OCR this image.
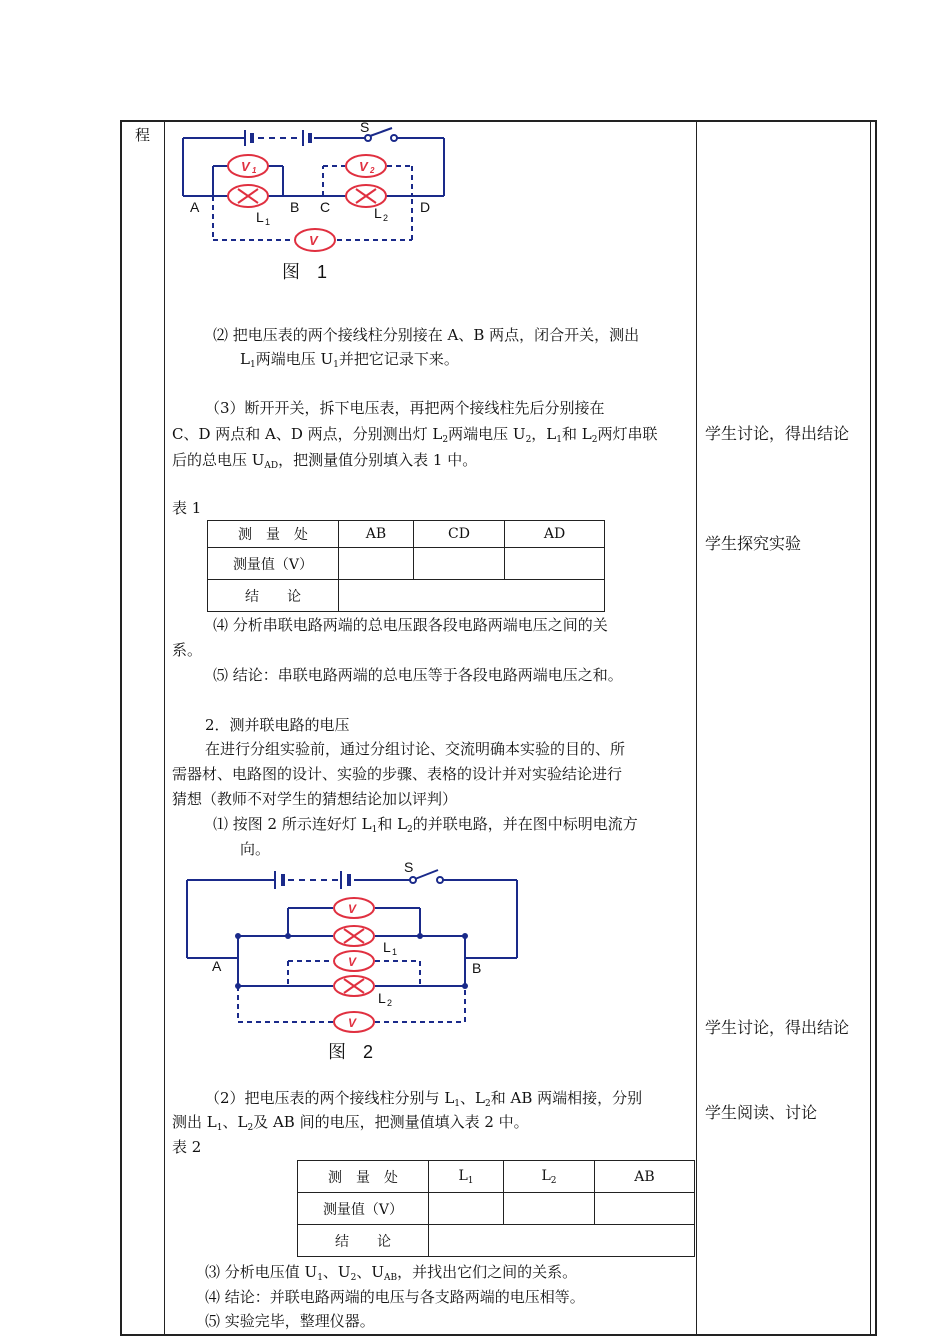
程
V 1	V 2
V
A	B C	D
S
L 1
L 2
图 1
⑵ 把电压表的两个接线柱分别接在 A、B 两点，闭合开关，测出
$L_1$两端电压 $U_1$并把它记录下来。
（3）断开开关，拆下电压表，再把两个接线柱先后分别接在
C、D 两点和 A、D 两点，分别测出灯 $L_2$两端电压 $U_2$，$L_1$和 $L_2$两灯串联
后的总电压 $U_{AD}$，把测量值分别填入表 1 中。
表 1
测　量　处	AB	CD	AD
测量值（V）			
结　　论			
⑷ 分析串联电路两端的总电压跟各段电路两端电压之间的关
系。
⑸ 结论：串联电路两端的总电压等于各段电路两端电压之和。
2．测并联电路的电压
在进行分组实验前，通过分组讨论、交流明确本实验的目的、所
需器材、电路图的设计、实验的步骤、表格的设计并对实验结论进行
猜想（教师不对学生的猜想结论加以评判）
⑴ 按图 2 所示连好灯 $L_1$和 $L_2$的并联电路，并在图中标明电流方
向。
V
V
V
A	B
S
L 1
L 2
图 2
（2）把电压表的两个接线柱分别与 $L_1$、$L_2$和 AB 两端相接，分别
测出 $L_1$、$L_2$及 AB 间的电压，把测量值填入表 2 中。
表 2
测　量　处	$L_1$	$L_2$	AB
测量值（V）			
结　　论			
⑶ 分析电压值 $U_1$、$U_2$、$U_{AB}$，并找出它们之间的关系。
⑷ 结论：并联电路两端的电压与各支路两端的电压相等。
⑸ 实验完毕，整理仪器。
学生讨论，得出结论
学生探究实验
学生讨论，得出结论
学生阅读、讨论
